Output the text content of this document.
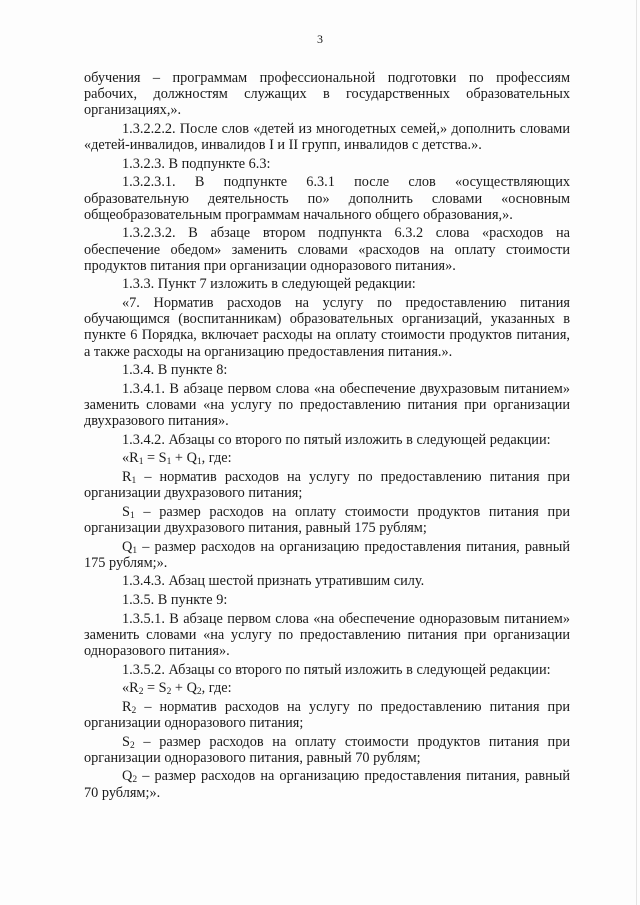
3

обучения – программам профессиональной подготовки по профессиям рабочих, должностям служащих в государственных образовательных организациях,».

1.3.2.2.2. После слов «детей из многодетных семей,» дополнить словами «детей-инвалидов, инвалидов I и II групп, инвалидов с детства.».

1.3.2.3. В подпункте 6.3:

1.3.2.3.1. В подпункте 6.3.1 после слов «осуществляющих образовательную деятельность по» дополнить словами «основным общеобразовательным программам начального общего образования,».

1.3.2.3.2. В абзаце втором подпункта 6.3.2 слова «расходов на обеспечение обедом» заменить словами «расходов на оплату стоимости продуктов питания при организации одноразового питания».

1.3.3. Пункт 7 изложить в следующей редакции:

«7. Норматив расходов на услугу по предоставлению питания обучающимся (воспитанникам) образовательных организаций, указанных в пункте 6 Порядка, включает расходы на оплату стоимости продуктов питания, а также расходы на организацию предоставления питания.».

1.3.4. В пункте 8:

1.3.4.1. В абзаце первом слова «на обеспечение двухразовым питанием» заменить словами «на услугу по предоставлению питания при организации двухразового питания».

1.3.4.2. Абзацы со второго по пятый изложить в следующей редакции:

«$R_1 = S_1 + Q_1$, где:

$R_1$ – норматив расходов на услугу по предоставлению питания при организации двухразового питания;

$S_1$ – размер расходов на оплату стоимости продуктов питания при организации двухразового питания, равный 175 рублям;

$Q_1$ – размер расходов на организацию предоставления питания, равный 175 рублям;».

1.3.4.3. Абзац шестой признать утратившим силу.

1.3.5. В пункте 9:

1.3.5.1. В абзаце первом слова «на обеспечение одноразовым питанием» заменить словами «на услугу по предоставлению питания при организации одноразового питания».

1.3.5.2. Абзацы со второго по пятый изложить в следующей редакции:

«$R_2 = S_2 + Q_2$, где:

$R_2$ – норматив расходов на услугу по предоставлению питания при организации одноразового питания;

$S_2$ – размер расходов на оплату стоимости продуктов питания при организации одноразового питания, равный 70 рублям;

$Q_2$ – размер расходов на организацию предоставления питания, равный 70 рублям;».
